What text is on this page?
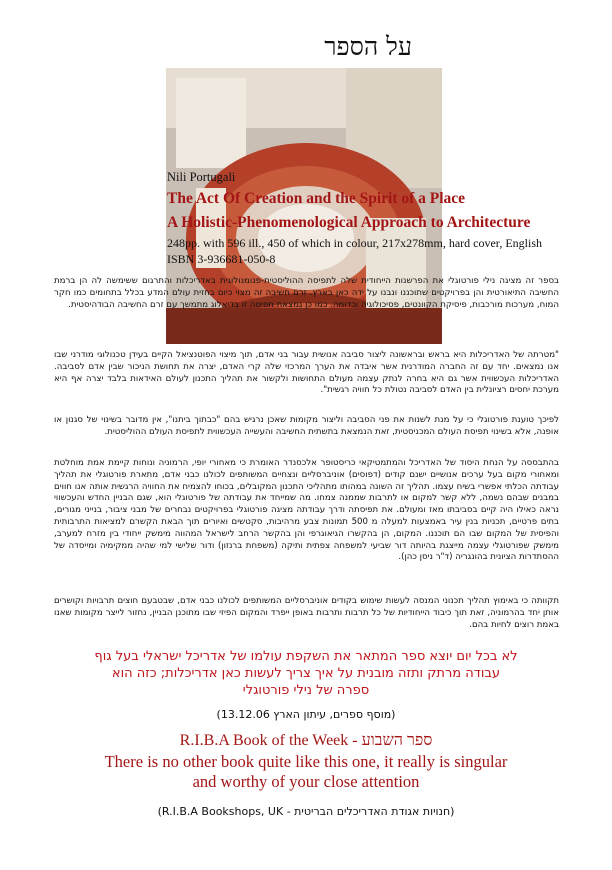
על הספר
Nili Portugali
The Act Of Creation and the Spirit of a Place
A Holistic-Phenomenological Approach to Architecture
248pp. with 596 ill., 450 of which in colour, 217x278mm, hard cover, English
ISBN 3-936681-050-8
בספר זה מציגה נילי פורטוגלי את הפרשנות הייחודית שלה לתפיסה ההוליסטית-פנומנולוגית באדריכלות והתרגום ששימשה לה הן ברמת החשיבה התיאורטית והן בפרויקטים שתוכננו ונבנו על ידה כאן בארץ. זרם חשיבה זה מצוי כיום בחזית עולם המדע בכלל בתחומים כמו חקר המוח, מערכות מורכבות, פיסיקת הקוונטים, פסיכולוגיה וכדומה. כמו כן נמצאת תפיסה זו בדיאלוג מתמשך עם זרם החשיבה הבודהיסטית.
"מטרתה של האדריכלות היא בראש ובראשונה ליצור סביבה אנושית עבור בני אדם, תוך מיצוי הפוטנציאל הקיים בעידן טכנולוגי מודרני שבו אנו נמצאים. יחד עם זה החברה המודרנית אשר איבדה את הערך המרכזי שלה קרי האדם, יצרה את תחושת הניכור שבין אדם לסביבה. האדריכלות העכשווית אשר גם היא בחרה לנתק עצמה מעולם התחושות ולקשור את תהליך התכנון לעולם האידאות בלבד יצרה אף היא מערכת יחסים רציונלית בין האדם לסביבה נטולת כל חוויה רגשית".
לפיכך טוענת פורטוגלי כי על מנת לשנות את פני הסביבה וליצור מקומות שאכן נרגיש בהם "כבתוך ביתנו", אין מדובר בשינוי של סגנון או אופנה, אלא בשינוי תפיסת העולם המכניסטית, זאת הנמצאת בתשתית החשיבה והעשייה העכשווית לתפיסת העולם ההוליסטית.
בהתבססה על הנחת היסוד של האדריכל והמתמטיקאי כריסטופר אלכסנדר האומרת כי מאחורי יופי, הרמוניה ונוחות קיימת אמת מוחלטת ומאחורי מקום בעל ערכים אנושיים ישנם קודים (דפוסים) אוניברסליים ונצחיים המשותפים לכולנו כבני אדם, מתארת פורטוגלי את תהליך עבודתה הכלתי אפשרי בשיח עצמו. תהליך זה השונה במהותו מתהליכי התכנון המקובלים, בכוחו להצמיח את החוויה הרגשית אותה אנו חווים במבנים שבהם נשמה, ללא קשר למקום או לתרבות שממנה צמחו. מה שמייחד את עבודתה של פורטוגלי הוא, שגם הבניין החדש והעכשווי נראה כאילו היה קיים בסביבתו מאז ומעולם. את תפיסתה ודרך עבודתה מציגה פורטוגלי בפרויקטים נבחרים של מבני ציבור, בנייני מגורים, בתים פרטיים, תכניות בנין עיר באמצעות למעלה מ 500 תמונות צבע מרהיבות, סקטשים ואיורים תוך הבאת הקשרם למציאות התרבותית והפיסית של המקום שבו הם תוכננו. המקום, הן בהקשרו הגיאוגרפי והן בהקשר הרחב לישראל המהווה מימשק ייחודי בין מזרח למערב, מימשק שפורטוגלי עצמה מייצגת בהיותה דור שביעי למשפחה צפתית ותיקה (משפחת ברנזון) ודור שלישי למי שהיה ממקימיה ומייסדה של ההסתדרות הציונית בהונגריה (ד"ר ניסן כהן).
תקוותה כי באימוץ תהליך תכנוני המנסה לעשות שימוש בקודים אוניברסליים המשותפים לכולנו כבני אדם, שבטבעם חוצים תרבויות וקושרים אותן יחד בהרמוניה, זאת תוך כיבוד הייחודיות של כל תרבות ותרבות באופן ייפרד והמקום הפיזי שבו מתוכנן הבניין, נחזור לייצר מקומות שאנו באמת רוצים לחיות בהם.
לא בכל יום יוצא ספר המתאר את השקפת עולמו של אדריכל ישראלי בעל גוף
עבודה מרתק ותזה מובנית על איך צריך לעשות כאן אדריכלות; כזה הוא
ספרה של נילי פורטוגלי
(מוסף ספרים, עיתון הארץ 13.12.06)
R.I.B.A Book of the Week - ספר השבוע
There is no other book quite like this one, it really is singular
and worthy of your close attention
(חנויות אגודת האדריכלים הבריטית - R.I.B.A Bookshops, UK)
